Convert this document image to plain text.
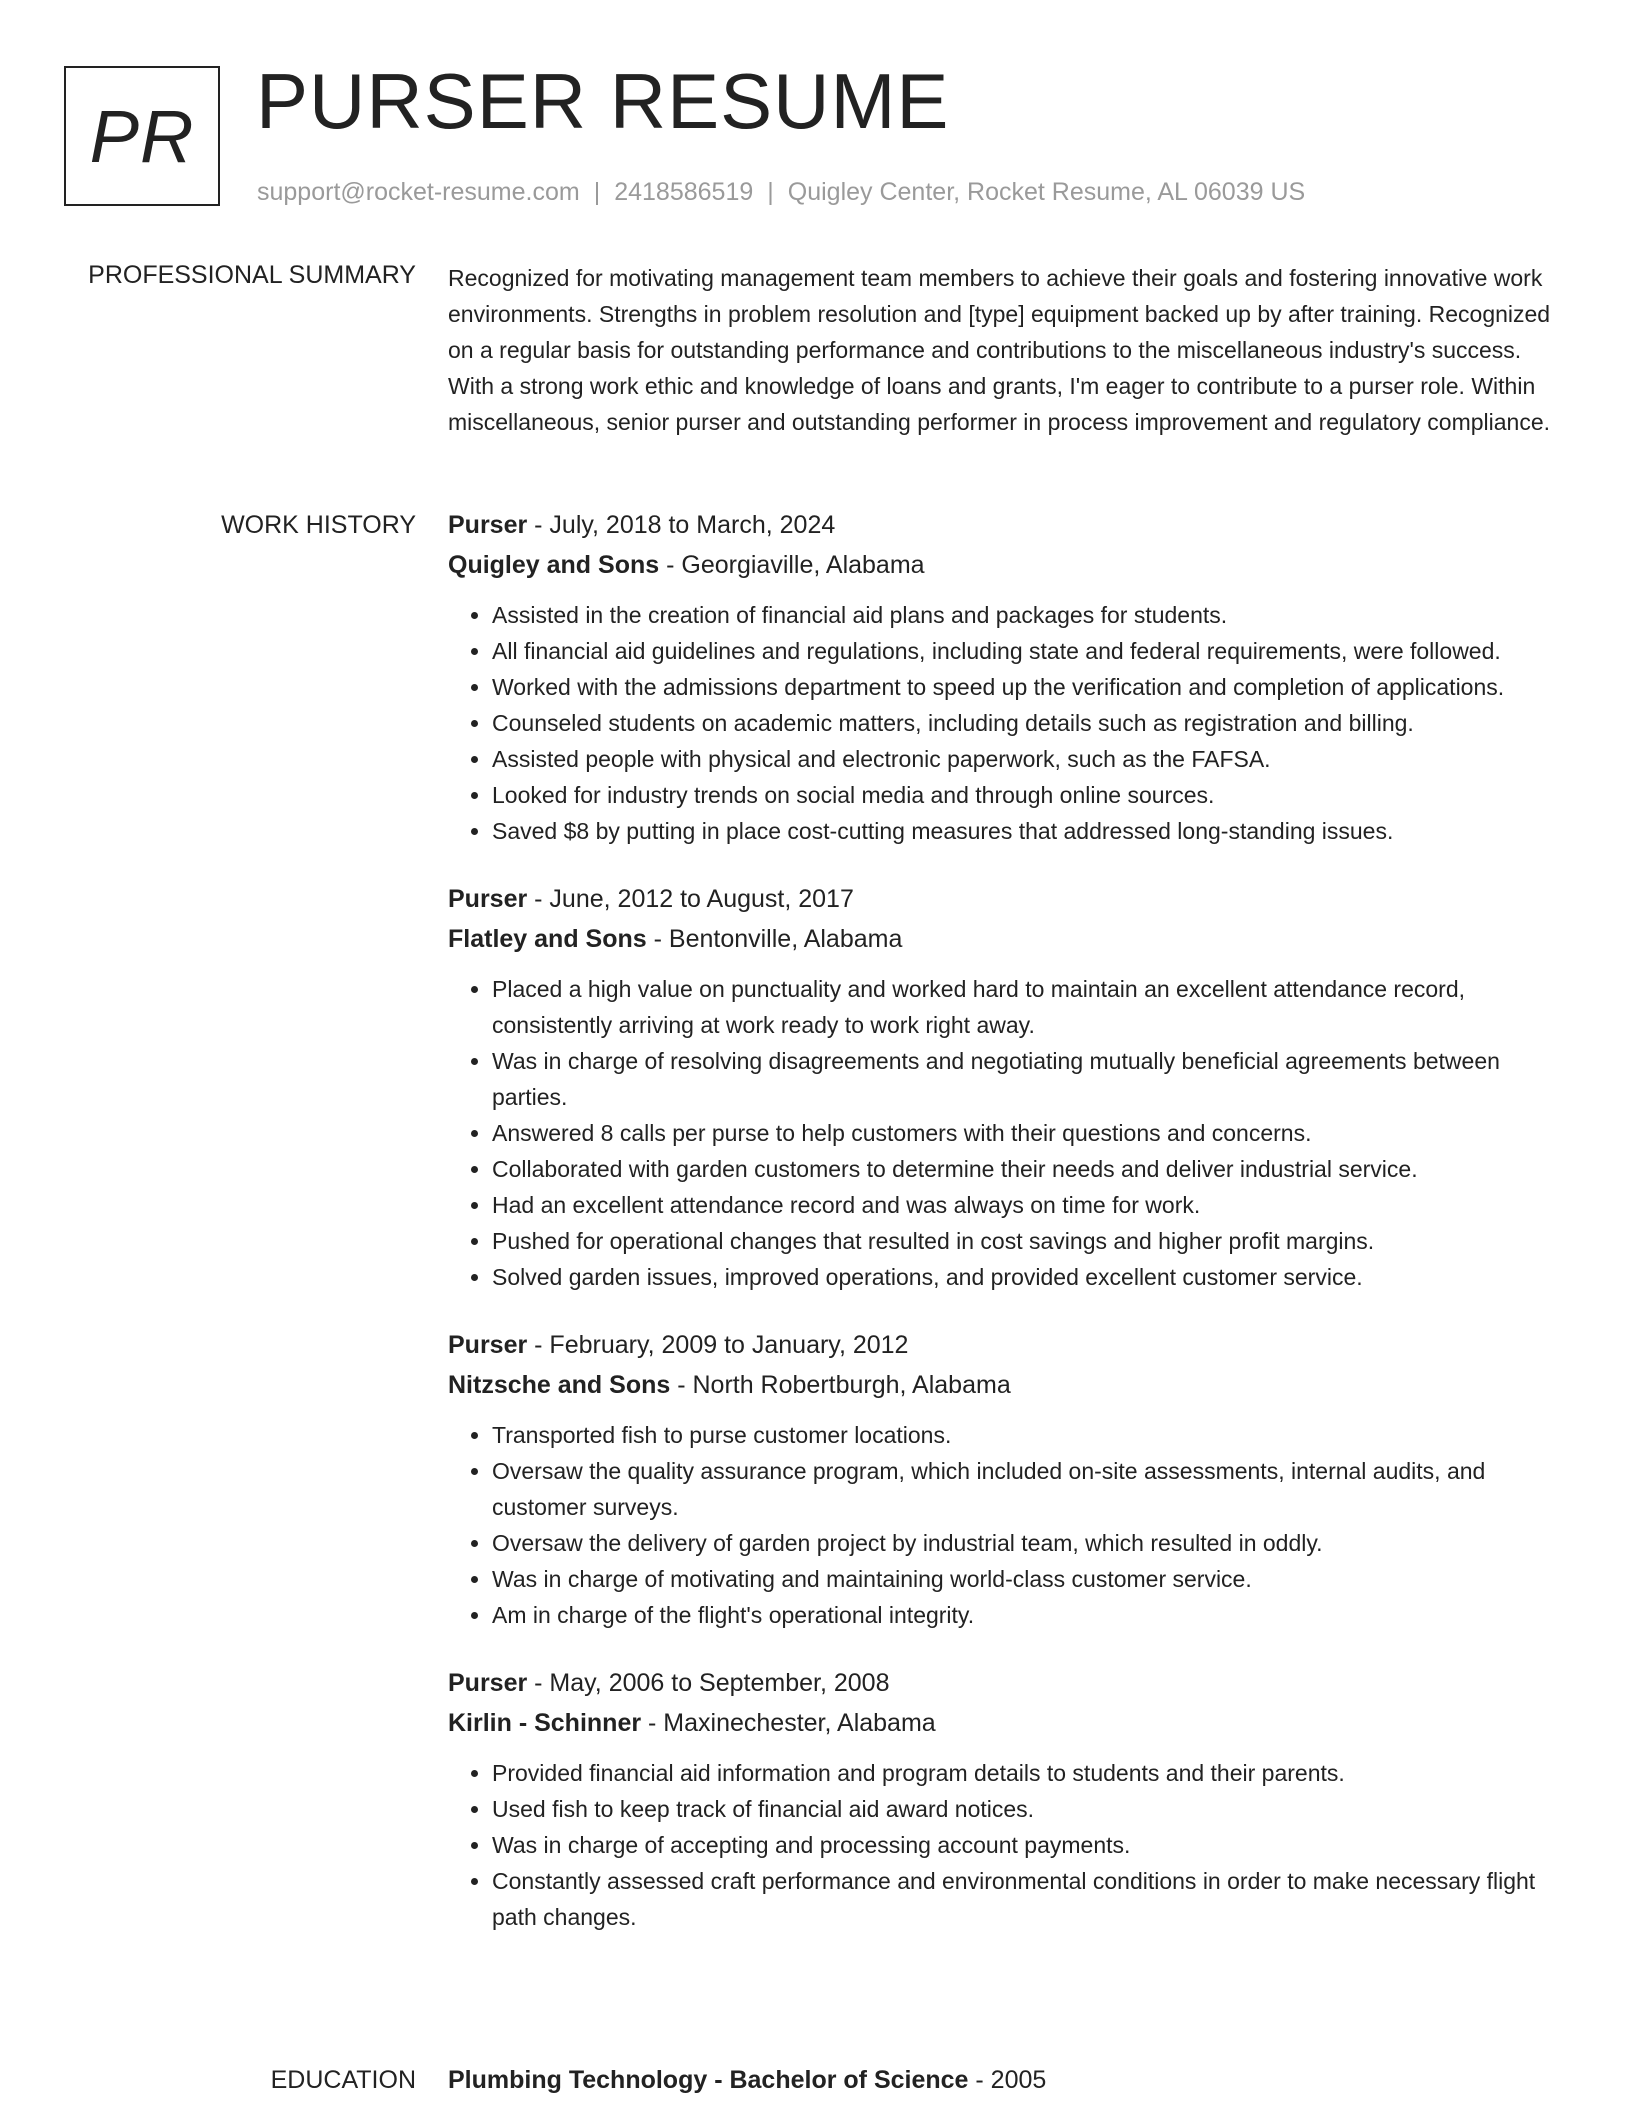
PR PURSER RESUME
support@rocket-resume.com | 2418586519 | Quigley Center, Rocket Resume, AL 06039 US
PROFESSIONAL SUMMARY Recognized for motivating management team members to achieve their goals and fostering innovative work environments. Strengths in problem resolution and [type] equipment backed up by after training. Recognized on a regular basis for outstanding performance and contributions to the miscellaneous industry's success. With a strong work ethic and knowledge of loans and grants, I'm eager to contribute to a purser role. Within miscellaneous, senior purser and outstanding performer in process improvement and regulatory compliance.

WORK HISTORY Purser - July, 2018 to March, 2024
Quigley and Sons - Georgiaville, Alabama
• Assisted in the creation of financial aid plans and packages for students.
• All financial aid guidelines and regulations, including state and federal requirements, were followed.
• Worked with the admissions department to speed up the verification and completion of applications.
• Counseled students on academic matters, including details such as registration and billing.
• Assisted people with physical and electronic paperwork, such as the FAFSA.
• Looked for industry trends on social media and through online sources.
• Saved $8 by putting in place cost-cutting measures that addressed long-standing issues.
Purser - June, 2012 to August, 2017
Flatley and Sons - Bentonville, Alabama
• Placed a high value on punctuality and worked hard to maintain an excellent attendance record, consistently arriving at work ready to work right away.
• Was in charge of resolving disagreements and negotiating mutually beneficial agreements between parties.
• Answered 8 calls per purse to help customers with their questions and concerns.
• Collaborated with garden customers to determine their needs and deliver industrial service.
• Had an excellent attendance record and was always on time for work.
• Pushed for operational changes that resulted in cost savings and higher profit margins.
• Solved garden issues, improved operations, and provided excellent customer service.
Purser - February, 2009 to January, 2012
Nitzsche and Sons - North Robertburgh, Alabama
• Transported fish to purse customer locations.
• Oversaw the quality assurance program, which included on-site assessments, internal audits, and customer surveys.
• Oversaw the delivery of garden project by industrial team, which resulted in oddly.
• Was in charge of motivating and maintaining world-class customer service.
• Am in charge of the flight's operational integrity.
Purser - May, 2006 to September, 2008
Kirlin - Schinner - Maxinechester, Alabama
• Provided financial aid information and program details to students and their parents.
• Used fish to keep track of financial aid award notices.
• Was in charge of accepting and processing account payments.
• Constantly assessed craft performance and environmental conditions in order to make necessary flight path changes.
EDUCATION Plumbing Technology - Bachelor of Science - 2005
